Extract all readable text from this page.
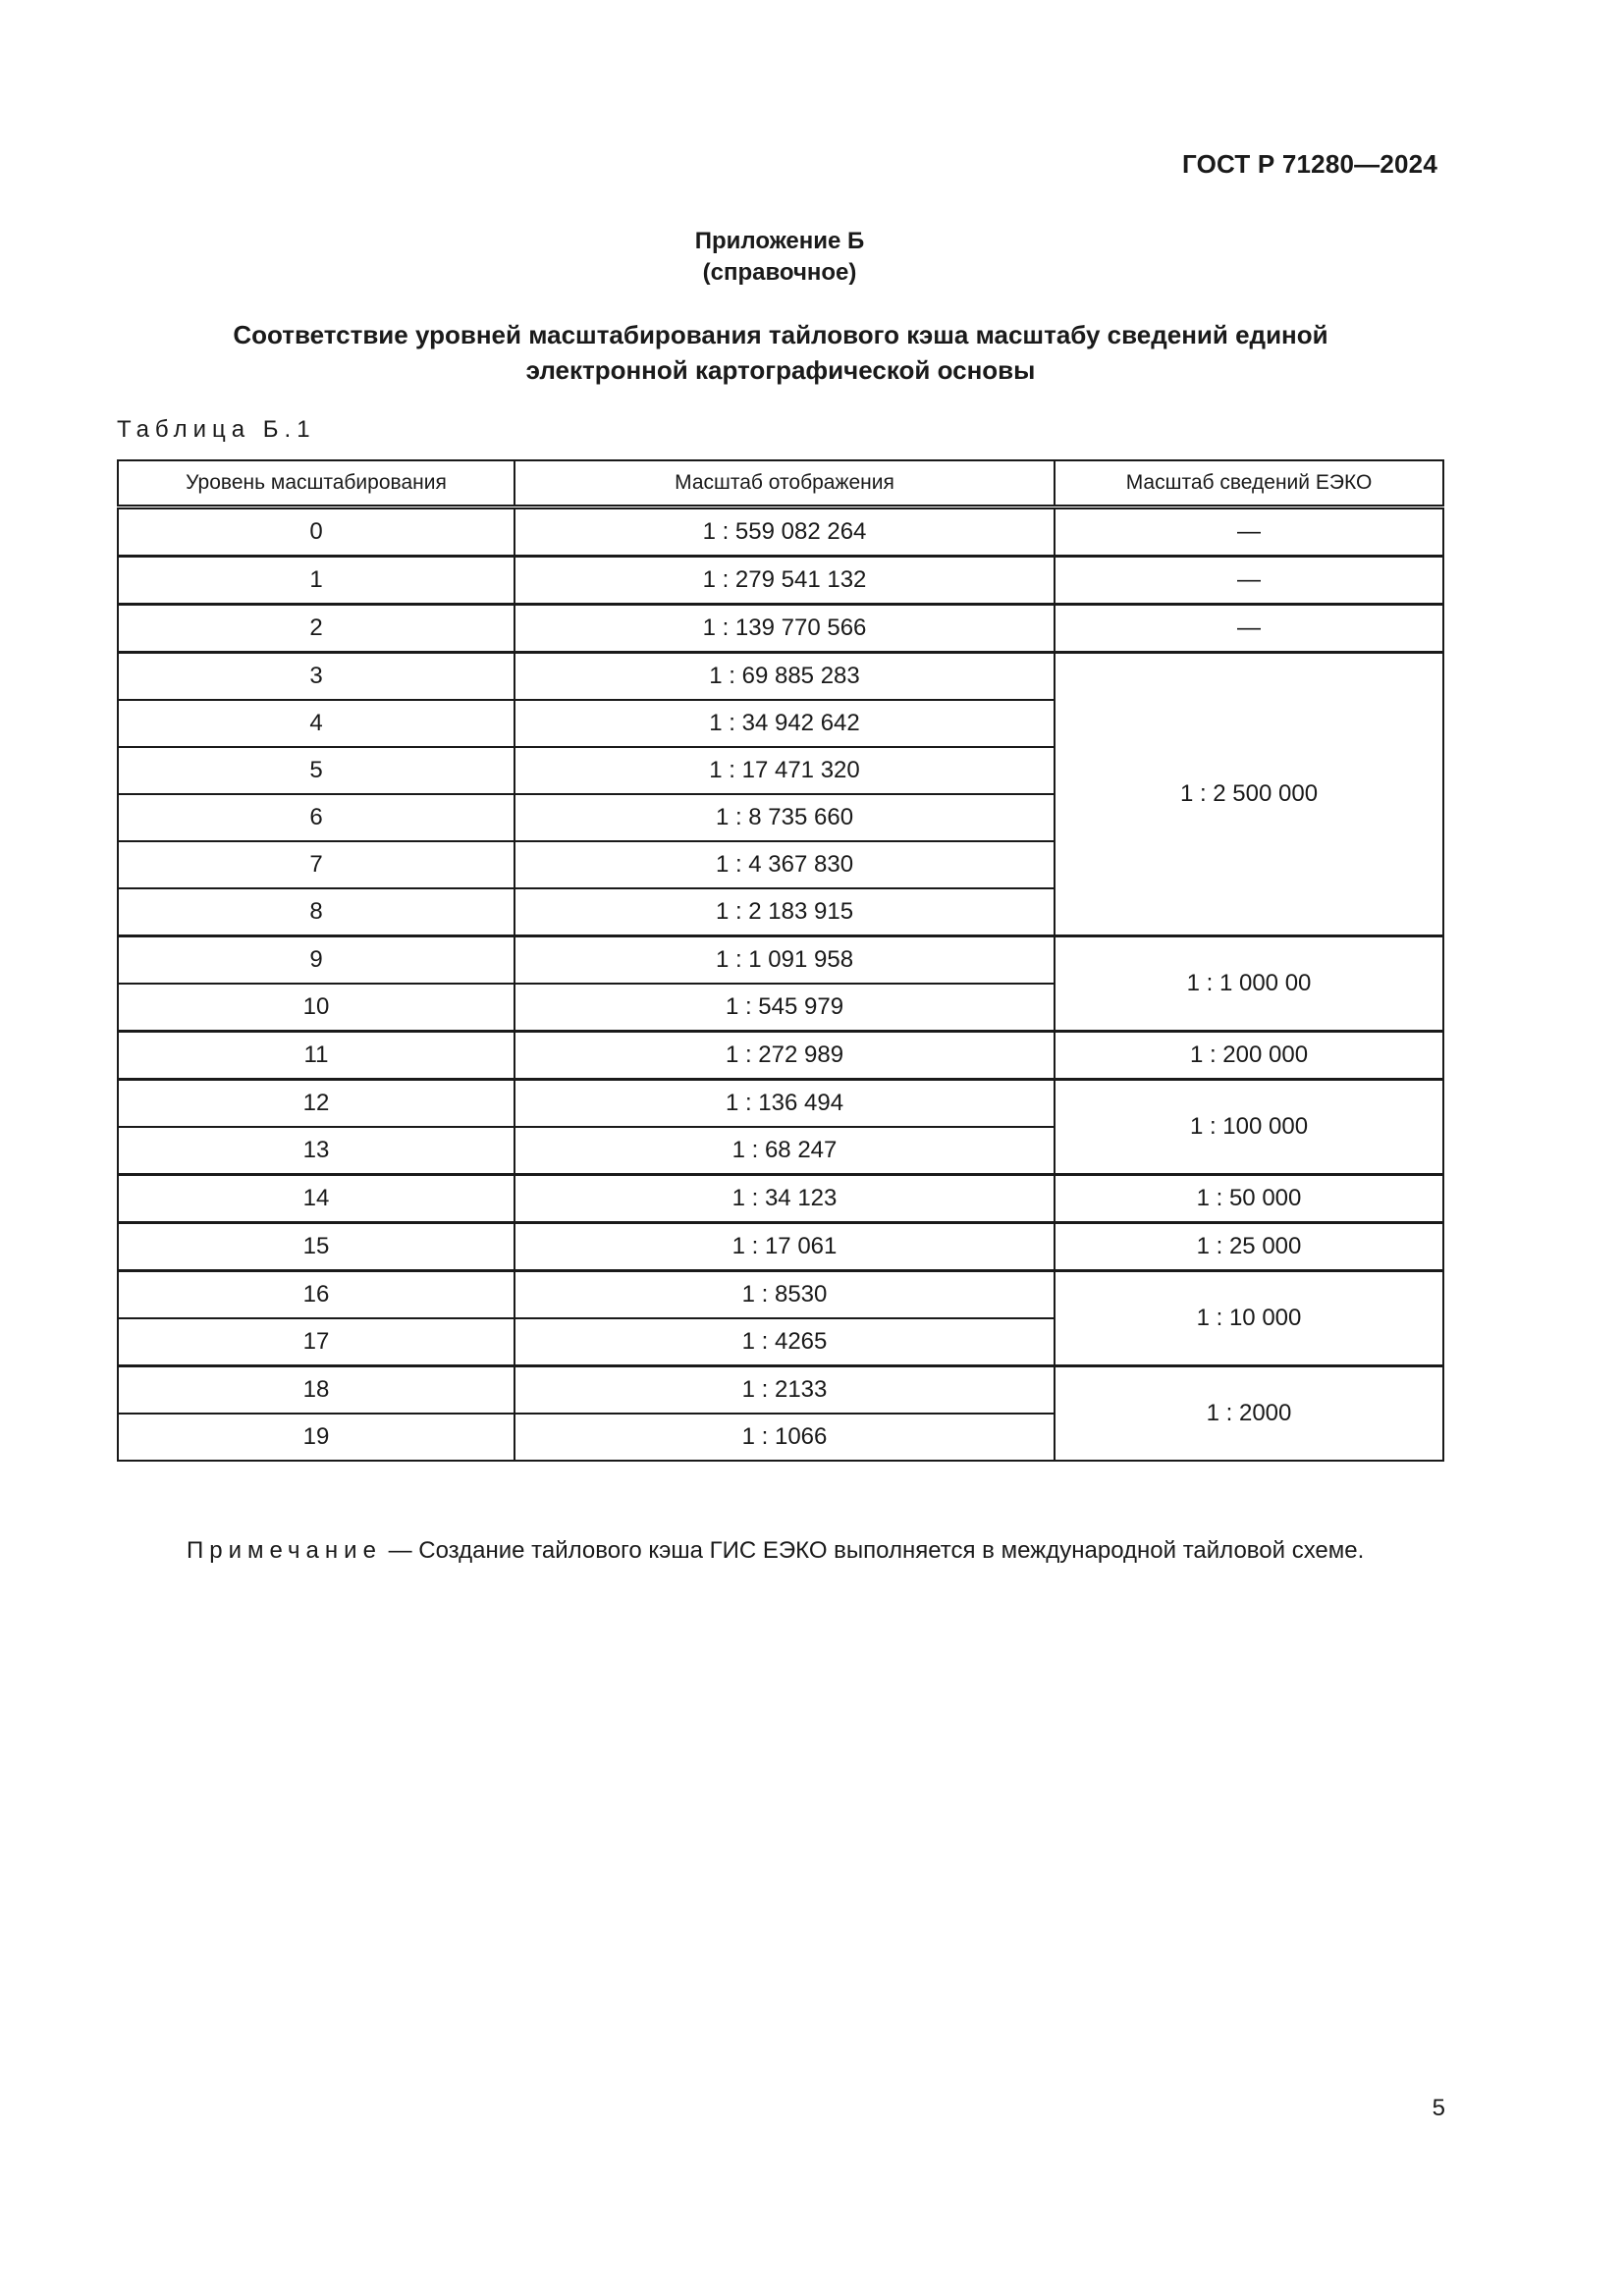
ГОСТ Р 71280—2024
Приложение Б
(справочное)
Соответствие уровней масштабирования тайлового кэша масштабу сведений единой
электронной картографической основы
Таблица Б.1
Уровень масштабирования	Масштаб отображения	Масштаб сведений ЕЭКО
0	1 : 559 082 264	—
1	1 : 279 541 132	—
2	1 : 139 770 566	—
3	1 : 69 885 283	1 : 2 500 000
4	1 : 34 942 642	
5	1 : 17 471 320	
6	1 : 8 735 660	
7	1 : 4 367 830	
8	1 : 2 183 915	
9	1 : 1 091 958	1 : 1 000 00
10	1 : 545 979	
11	1 : 272 989	1 : 200 000
12	1 : 136 494	1 : 100 000
13	1 : 68 247	
14	1 : 34 123	1 : 50 000
15	1 : 17 061	1 : 25 000
16	1 : 8530	1 : 10 000
17	1 : 4265	
18	1 : 2133	1 : 2000
19	1 : 1066	
Примечание — Создание тайлового кэша ГИС ЕЭКО выполняется в международной тайловой схеме.
5
